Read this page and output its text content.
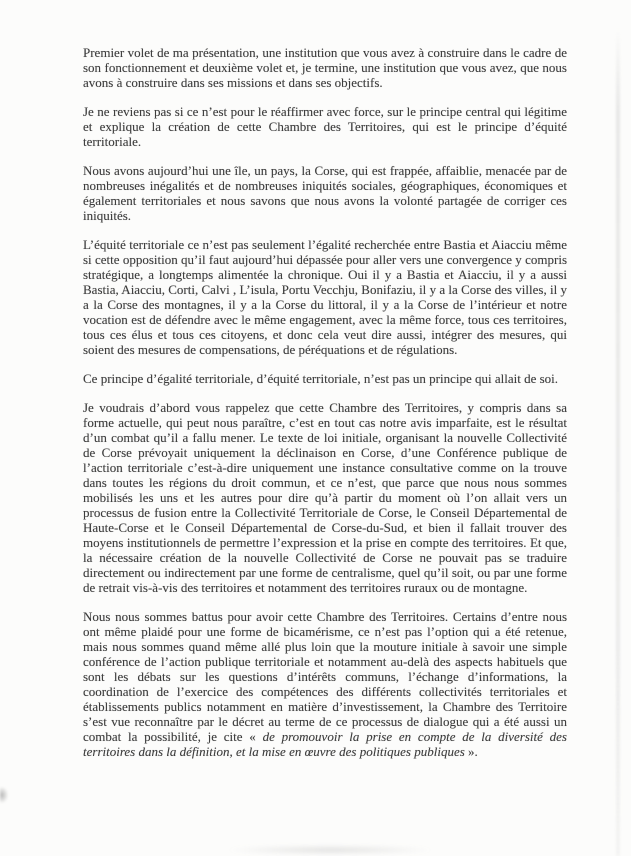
Premier volet de ma présentation, une institution que vous avez à construire dans le cadre de son fonctionnement et deuxième volet et, je termine, une institution que vous avez, que nous avons à construire dans ses missions et dans ses objectifs.

Je ne reviens pas si ce n’est pour le réaffirmer avec force, sur le principe central qui légitime et explique la création de cette Chambre des Territoires, qui est le principe d’équité territoriale.

Nous avons aujourd’hui une île, un pays, la Corse, qui est frappée, affaiblie, menacée par de nombreuses inégalités et de nombreuses iniquités sociales, géographiques, économiques et également territoriales et nous savons que nous avons la volonté partagée de corriger ces iniquités.

L’équité territoriale ce n’est pas seulement l’égalité recherchée entre Bastia et Aiacciu même si cette opposition qu’il faut aujourd’hui dépassée pour aller vers une convergence y compris stratégique, a longtemps alimentée la chronique. Oui il y a Bastia et Aiacciu, il y a aussi Bastia, Aiacciu, Corti, Calvi , L’isula, Portu Vecchju, Bonifaziu, il y a la Corse des villes, il y a la Corse des montagnes, il y a la Corse du littoral, il y a la Corse de l’intérieur et notre vocation est de défendre avec le même engagement, avec la même force, tous ces territoires, tous ces élus et tous ces citoyens, et donc cela veut dire aussi, intégrer des mesures, qui soient des mesures de compensations, de péréquations et de régulations.

Ce principe d’égalité territoriale, d’équité territoriale, n’est pas un principe qui allait de soi.

Je voudrais d’abord vous rappelez que cette Chambre des Territoires, y compris dans sa forme actuelle, qui peut nous paraître, c’est en tout cas notre avis imparfaite, est le résultat d’un combat qu’il a fallu mener. Le texte de loi initiale, organisant la nouvelle Collectivité de Corse prévoyait uniquement la déclinaison en Corse, d’une Conférence publique de l’action territoriale c’est-à-dire uniquement une instance consultative comme on la trouve dans toutes les régions du droit commun, et ce n’est, que parce que nous nous sommes mobilisés les uns et les autres pour dire qu’à partir du moment où l’on allait vers un processus de fusion entre la Collectivité Territoriale de Corse, le Conseil Départemental de Haute-Corse et le Conseil Départemental de Corse-du-Sud, et bien il fallait trouver des moyens institutionnels de permettre l’expression et la prise en compte des territoires. Et que, la nécessaire création de la nouvelle Collectivité de Corse ne pouvait pas se traduire directement ou indirectement par une forme de centralisme, quel qu’il soit, ou par une forme de retrait vis-à-vis des territoires et notamment des territoires ruraux ou de montagne.

Nous nous sommes battus pour avoir cette Chambre des Territoires. Certains d’entre nous ont même plaidé pour une forme de bicamérisme, ce n’est pas l’option qui a été retenue, mais nous sommes quand même allé plus loin que la mouture initiale à savoir une simple conférence de l’action publique territoriale et notamment au-delà des aspects habituels que sont les débats sur les questions d’intérêts communs, l’échange d’informations, la coordination de l’exercice des compétences des différents collectivités territoriales et établissements publics notamment en matière d’investissement, la Chambre des Territoire s’est vue reconnaître par le décret au terme de ce processus de dialogue qui a été aussi un combat la possibilité, je cite « de promouvoir la prise en compte de la diversité des territoires dans la définition, et la mise en œuvre des politiques publiques ».
